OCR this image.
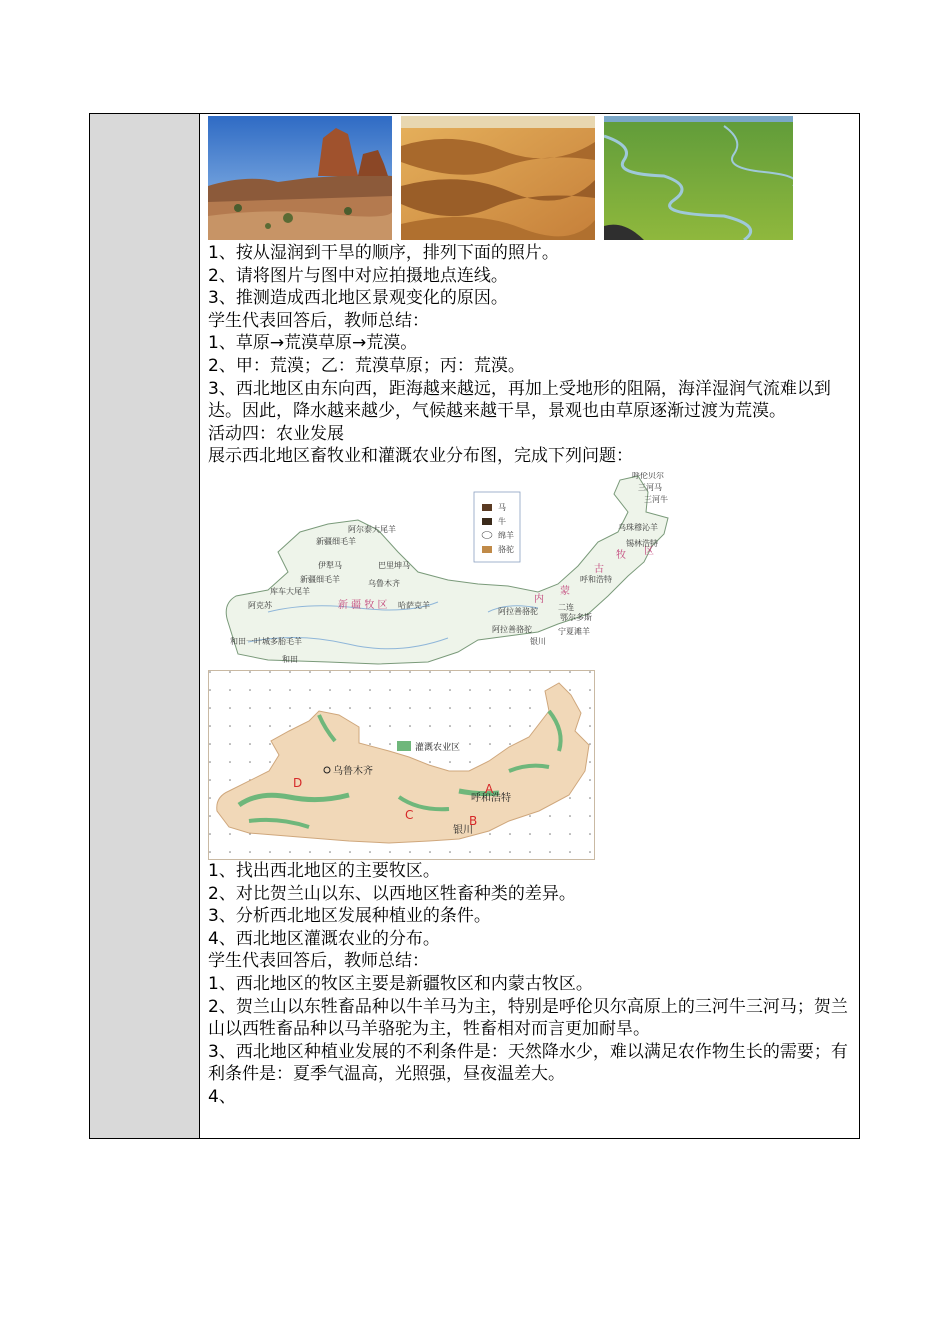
1、按从湿润到干旱的顺序，排列下面的照片。
2、请将图片与图中对应拍摄地点连线。
3、推测造成西北地区景观变化的原因。
学生代表回答后，教师总结：
1、草原→荒漠草原→荒漠。
2、甲：荒漠；乙：荒漠草原；丙：荒漠。
3、西北地区由东向西，距海越来越远，再加上受地形的阻隔，海洋湿润气流难以到达。因此，降水越来越少，气候越来越干旱，景观也由草原逐渐过渡为荒漠。
活动四：农业发展
展示西北地区畜牧业和灌溉农业分布图，完成下列问题：
马
牛
绵羊
骆驼
新 疆 牧 区
内
蒙
古
牧 区
呼伦贝尔
三河马
三河牛
乌珠穆沁羊
锡林浩特
呼和浩特
二连
鄂尔多斯
宁夏滩羊
银川
阿拉善骆驼
阿拉善骆驼
阿尔泰大尾羊
新疆细毛羊
伊犁马	巴里坤马
乌鲁木齐
新疆细毛羊
库车大尾羊
哈萨克羊
阿克苏
和田
和田一叶城多胎毛羊
灌溉农业区
乌鲁木齐
呼和浩特
银川
A
B
C
D
1、找出西北地区的主要牧区。
2、对比贺兰山以东、以西地区牲畜种类的差异。
3、分析西北地区发展种植业的条件。
4、西北地区灌溉农业的分布。
学生代表回答后，教师总结：
1、西北地区的牧区主要是新疆牧区和内蒙古牧区。
2、贺兰山以东牲畜品种以牛羊马为主，特别是呼伦贝尔高原上的三河牛三河马；贺兰山以西牲畜品种以马羊骆驼为主，牲畜相对而言更加耐旱。
3、西北地区种植业发展的不利条件是：天然降水少，难以满足农作物生长的需要；有利条件是：夏季气温高，光照强，昼夜温差大。
4、
